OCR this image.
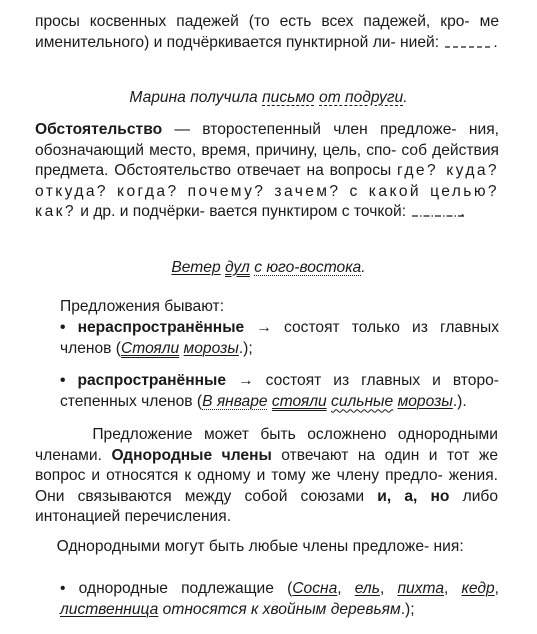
просы косвенных падежей (то есть всех падежей, кро- ме именительного) и подчёркивается пунктирной ли- нией:	.

Марина получила письмо от подруги.

Обстоятельство — второстепенный член предложе- ния, обозначающий место, время, причину, цель, спо- соб действия предмета. Обстоятельство отвечает на вопросы где? куда? откуда? когда? почему? зачем? с какой целью? как? и др. и подчёрки- вается пунктиром с точкой:	.

Ветер дул с юго-востока.

Предложения бывают:

• нераспространённые → состоят только из главных членов (Стояли морозы.);

• распространённые → состоят из главных и второ- степенных членов (В январе стояли сильные морозы.).

Предложение может быть осложнено однородными членами. Однородные члены отвечают на один и тот же вопрос и относятся к одному и тому же члену предло- жения. Они связываются между собой союзами и, а, но либо интонацией перечисления.

Однородными могут быть любые члены предложе- ния:

• однородные подлежащие (Сосна, ель, пихта, кедр, лиственница относятся к хвойным деревьям.);
